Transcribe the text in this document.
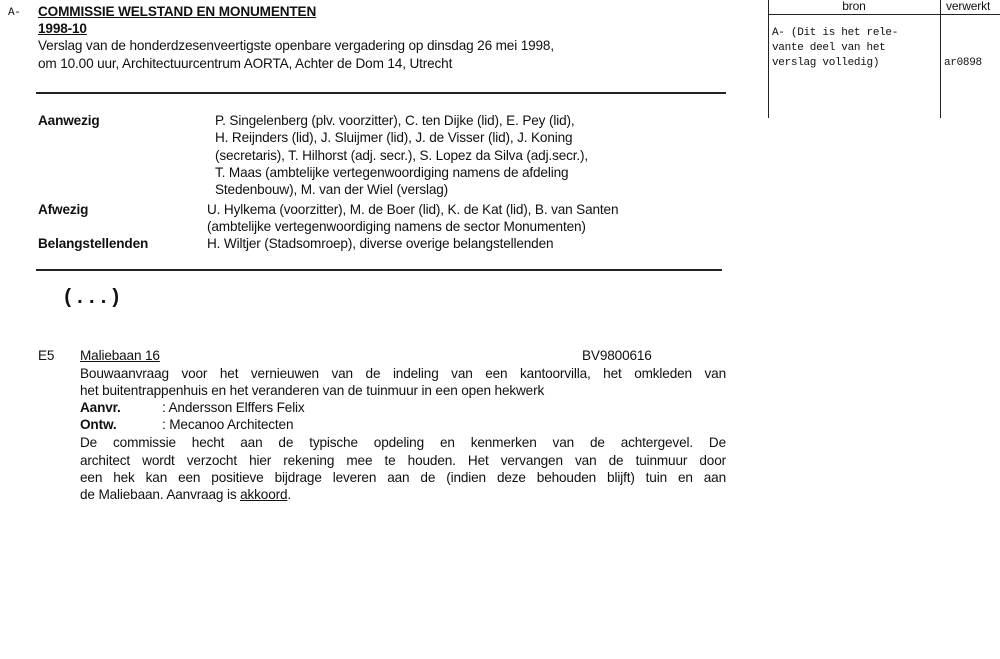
A- COMMISSIE WELSTAND EN MONUMENTEN
1998-10
Verslag van de honderdzesenveertigste openbare vergadering op dinsdag 26 mei 1998,
om 10.00 uur, Architectuurcentrum AORTA, Achter de Dom 14, Utrecht
bron	verwerkt
A- (Dit is het rele-
vante deel van het
verslag volledig)	ar0898
Aanwezig	P. Singelenberg (plv. voorzitter), C. ten Dijke (lid), E. Pey (lid),
H. Reijnders (lid), J. Sluijmer (lid), J. de Visser (lid), J. Koning
(secretaris), T. Hilhorst (adj. secr.), S. Lopez da Silva (adj.secr.),
T. Maas (ambtelijke vertegenwoordiging namens de afdeling
Stedenbouw), M. van der Wiel (verslag)
Afwezig	U. Hylkema (voorzitter), M. de Boer (lid), K. de Kat (lid), B. van Santen
(ambtelijke vertegenwoordiging namens de sector Monumenten)
Belangstellenden	H. Wiltjer (Stadsomroep), diverse overige belangstellenden
(...)
E5 Maliebaan 16	BV9800616
Bouwaanvraag voor het vernieuwen van de indeling van een kantoorvilla, het omkleden van
het buitentrappenhuis en het veranderen van de tuinmuur in een open hekwerk
Aanvr.	: Andersson Elffers Felix
Ontw.	: Mecanoo Architecten
De commissie hecht aan de typische opdeling en kenmerken van de achtergevel. De
architect wordt verzocht hier rekening mee te houden. Het vervangen van de tuinmuur door
een hek kan een positieve bijdrage leveren aan de (indien deze behouden blijft) tuin en aan
de Maliebaan. Aanvraag is akkoord.
